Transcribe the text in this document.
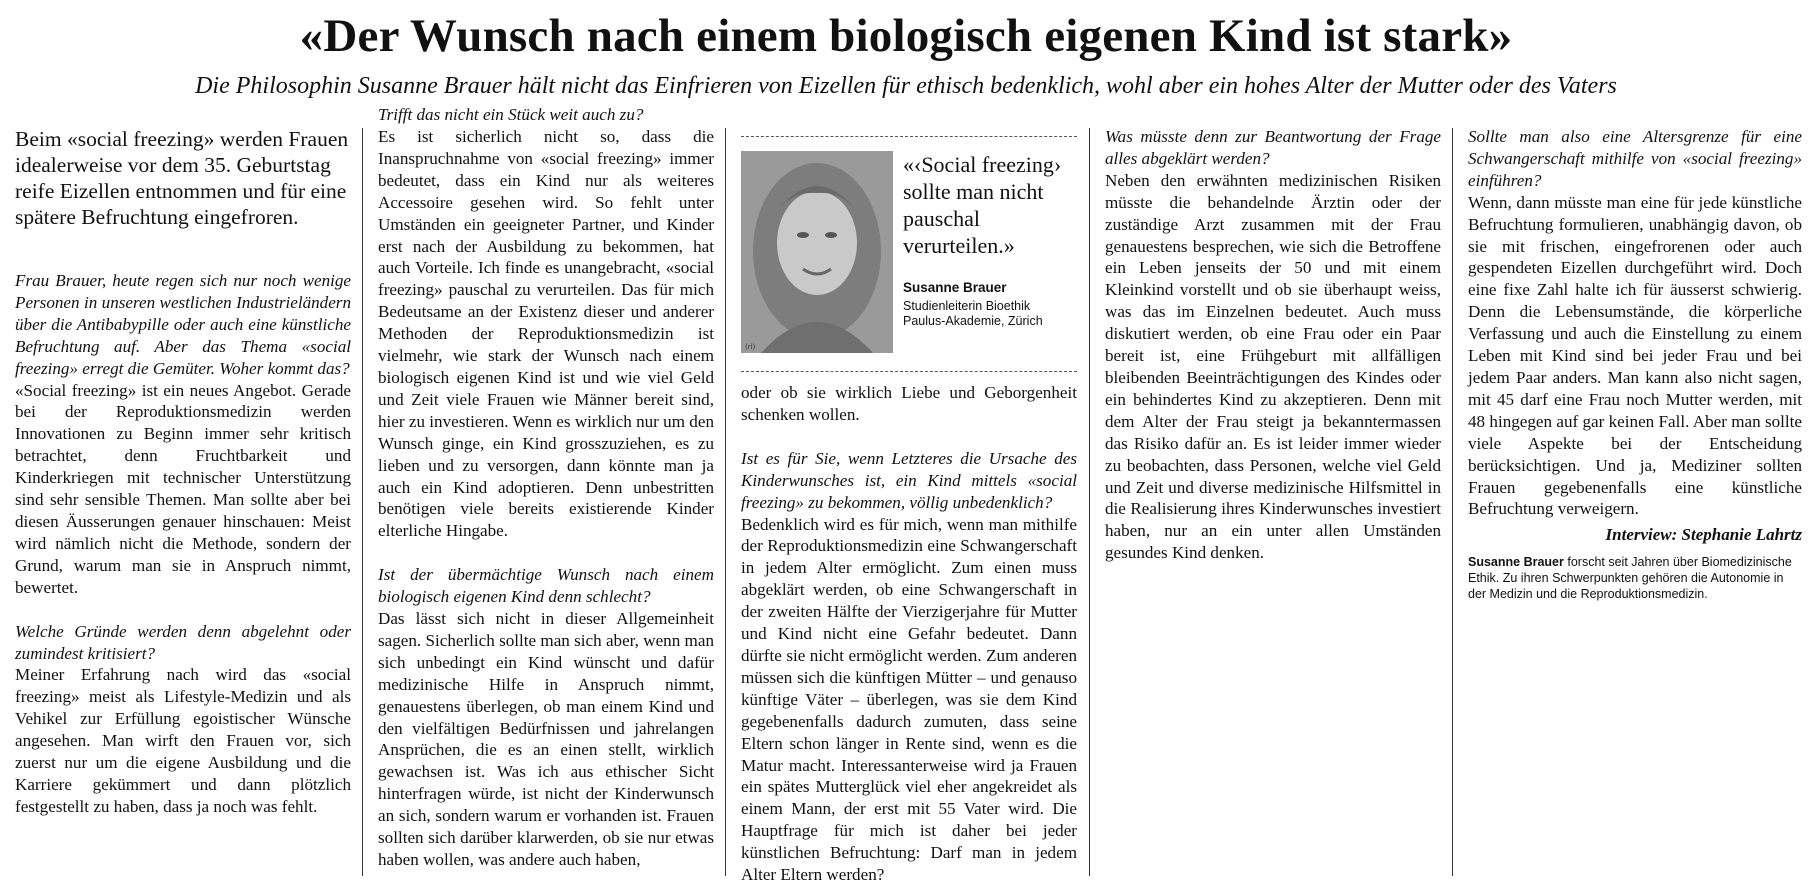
«Der Wunsch nach einem biologisch eigenen Kind ist stark»
Die Philosophin Susanne Brauer hält nicht das Einfrieren von Eizellen für ethisch bedenklich, wohl aber ein hohes Alter der Mutter oder des Vaters

Beim «social freezing» werden Frauen idealerweise vor dem 35. Geburtstag reife Eizellen entnommen und für eine spätere Befruchtung eingefroren.

Frau Brauer, heute regen sich nur noch wenige Personen in unseren westlichen Industrieländern über die Antibabypille oder auch eine künstliche Befruchtung auf. Aber das Thema «social freezing» erregt die Gemüter. Woher kommt das?

«Social freezing» ist ein neues Angebot. Gerade bei der Reproduktionsmedizin werden Innovationen zu Beginn immer sehr kritisch betrachtet, denn Fruchtbarkeit und Kinderkriegen mit technischer Unterstützung sind sehr sensible Themen. Man sollte aber bei diesen Äusserungen genauer hinschauen: Meist wird nämlich nicht die Methode, sondern der Grund, warum man sie in Anspruch nimmt, bewertet.

Welche Gründe werden denn abgelehnt oder zumindest kritisiert?

Meiner Erfahrung nach wird das «social freezing» meist als Lifestyle-Medizin und als Vehikel zur Erfüllung egoistischer Wünsche angesehen. Man wirft den Frauen vor, sich zuerst nur um die eigene Ausbildung und die Karriere gekümmert und dann plötzlich festgestellt zu haben, dass ja noch was fehlt.

Trifft das nicht ein Stück weit auch zu?

Es ist sicherlich nicht so, dass die Inanspruchnahme von «social freezing» immer bedeutet, dass ein Kind nur als weiteres Accessoire gesehen wird. So fehlt unter Umständen ein geeigneter Partner, und Kinder erst nach der Ausbildung zu bekommen, hat auch Vorteile. Ich finde es unangebracht, «social freezing» pauschal zu verurteilen. Das für mich Bedeutsame an der Existenz dieser und anderer Methoden der Reproduktionsmedizin ist vielmehr, wie stark der Wunsch nach einem biologisch eigenen Kind ist und wie viel Geld und Zeit viele Frauen wie Männer bereit sind, hier zu investieren. Wenn es wirklich nur um den Wunsch ginge, ein Kind grosszuziehen, es zu lieben und zu versorgen, dann könnte man ja auch ein Kind adoptieren. Denn unbestritten benötigen viele bereits existierende Kinder elterliche Hingabe.

Ist der übermächtige Wunsch nach einem biologisch eigenen Kind denn schlecht?

Das lässt sich nicht in dieser Allgemeinheit sagen. Sicherlich sollte man sich aber, wenn man sich unbedingt ein Kind wünscht und dafür medizinische Hilfe in Anspruch nimmt, genauestens überlegen, ob man einem Kind und den vielfältigen Bedürfnissen und jahrelangen Ansprüchen, die es an einen stellt, wirklich gewachsen ist. Was ich aus ethischer Sicht hinterfragen würde, ist nicht der Kinderwunsch an sich, sondern warum er vorhanden ist. Frauen sollten sich darüber klarwerden, ob sie nur etwas haben wollen, was andere auch haben,

(ri)
«‹Social freezing› sollte man nicht pauschal verurteilen.»
Susanne Brauer
Studienleiterin Bioethik
Paulus-Akademie, Zürich

oder ob sie wirklich Liebe und Geborgenheit schenken wollen.

Ist es für Sie, wenn Letzteres die Ursache des Kinderwunsches ist, ein Kind mittels «social freezing» zu bekommen, völlig unbedenklich?

Bedenklich wird es für mich, wenn man mithilfe der Reproduktionsmedizin eine Schwangerschaft in jedem Alter ermöglicht. Zum einen muss abgeklärt werden, ob eine Schwangerschaft in der zweiten Hälfte der Vierzigerjahre für Mutter und Kind nicht eine Gefahr bedeutet. Dann dürfte sie nicht ermöglicht werden. Zum anderen müssen sich die künftigen Mütter – und genauso künftige Väter – überlegen, was sie dem Kind gegebenenfalls dadurch zumuten, dass seine Eltern schon länger in Rente sind, wenn es die Matur macht. Interessanterweise wird ja Frauen ein spätes Mutterglück viel eher angekreidet als einem Mann, der erst mit 55 Vater wird. Die Hauptfrage für mich ist daher bei jeder künstlichen Befruchtung: Darf man in jedem Alter Eltern werden?

Was müsste denn zur Beantwortung der Frage alles abgeklärt werden?

Neben den erwähnten medizinischen Risiken müsste die behandelnde Ärztin oder der zuständige Arzt zusammen mit der Frau genauestens besprechen, wie sich die Betroffene ein Leben jenseits der 50 und mit einem Kleinkind vorstellt und ob sie überhaupt weiss, was das im Einzelnen bedeutet. Auch muss diskutiert werden, ob eine Frau oder ein Paar bereit ist, eine Frühgeburt mit allfälligen bleibenden Beeinträchtigungen des Kindes oder ein behindertes Kind zu akzeptieren. Denn mit dem Alter der Frau steigt ja bekanntermassen das Risiko dafür an. Es ist leider immer wieder zu beobachten, dass Personen, welche viel Geld und Zeit und diverse medizinische Hilfsmittel in die Realisierung ihres Kinderwunsches investiert haben, nur an ein unter allen Umständen gesundes Kind denken.

Sollte man also eine Altersgrenze für eine Schwangerschaft mithilfe von «social freezing» einführen?

Wenn, dann müsste man eine für jede künstliche Befruchtung formulieren, unabhängig davon, ob sie mit frischen, eingefrorenen oder auch gespendeten Eizellen durchgeführt wird. Doch eine fixe Zahl halte ich für äusserst schwierig. Denn die Lebensumstände, die körperliche Verfassung und auch die Einstellung zu einem Leben mit Kind sind bei jeder Frau und bei jedem Paar anders. Man kann also nicht sagen, mit 45 darf eine Frau noch Mutter werden, mit 48 hingegen auf gar keinen Fall. Aber man sollte viele Aspekte bei der Entscheidung berücksichtigen. Und ja, Mediziner sollten Frauen gegebenenfalls eine künstliche Befruchtung verweigern.

Interview: Stephanie Lahrtz

Susanne Brauer forscht seit Jahren über Biomedizinische Ethik. Zu ihren Schwerpunkten gehören die Autonomie in der Medizin und die Reproduktionsmedizin.
